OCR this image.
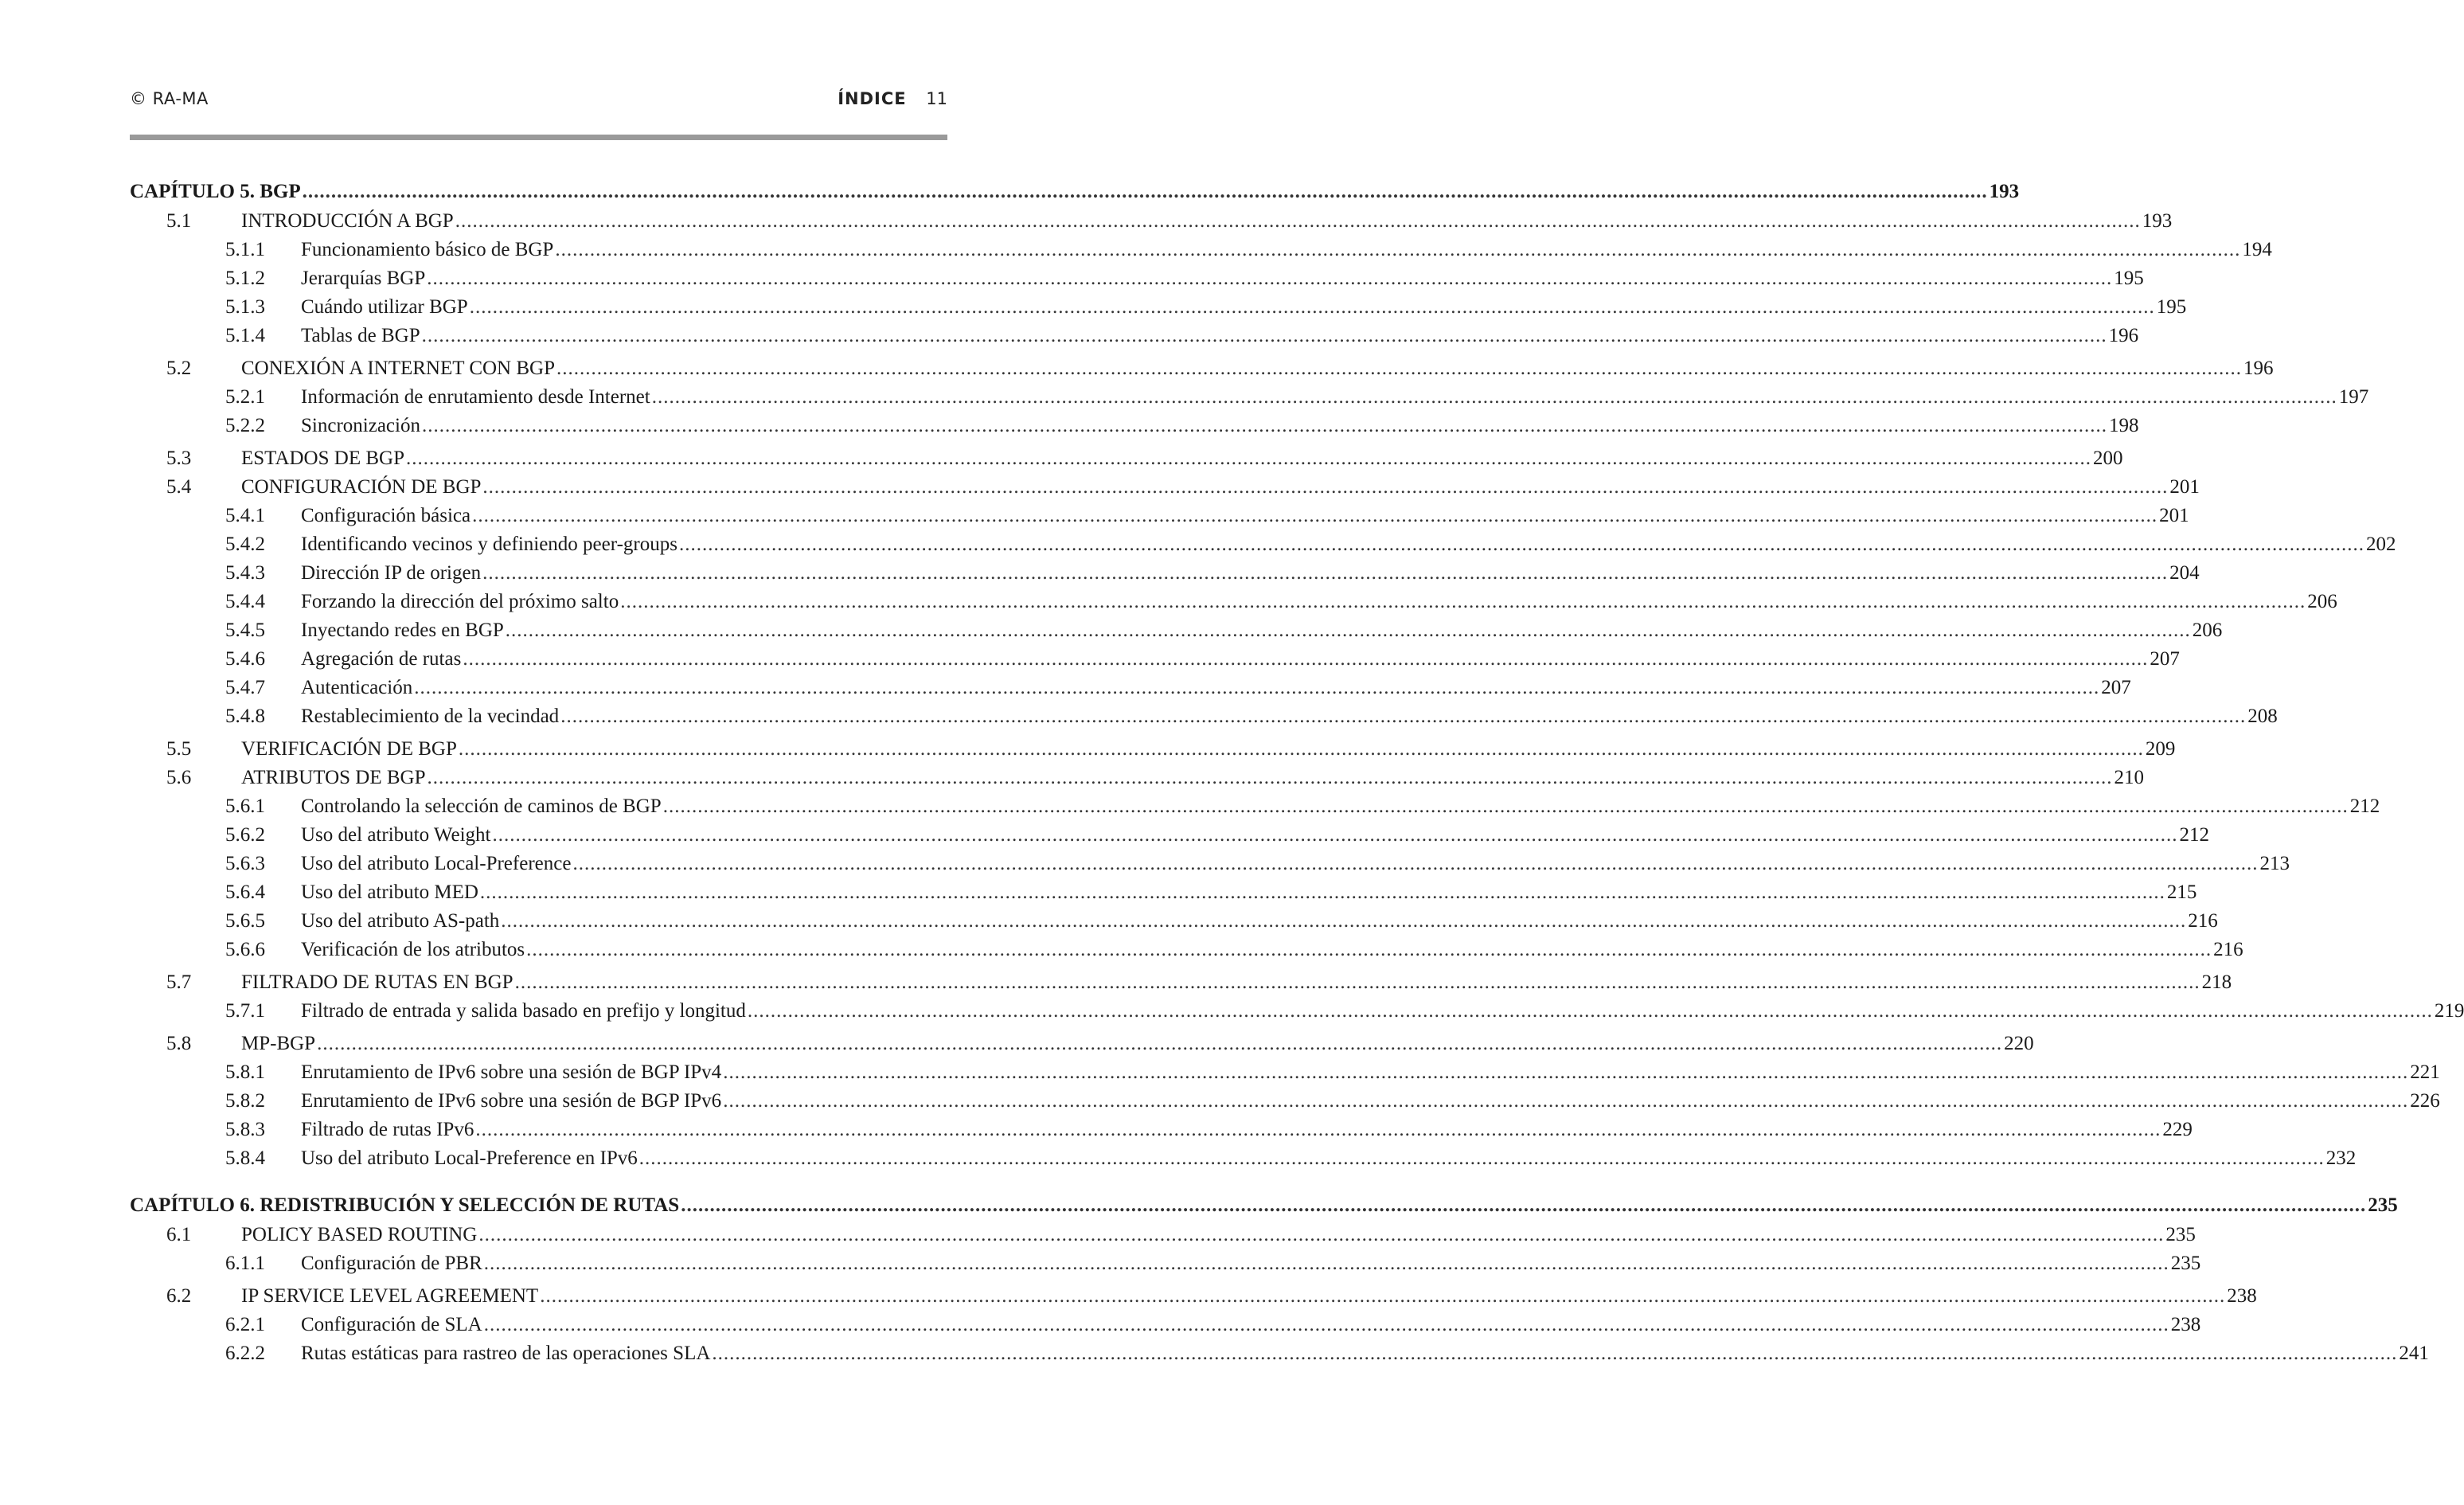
© RA-MA	ÍNDICE 11
CAPÍTULO 5. BGP .....	193
5.1	INTRODUCCIÓN A BGP .....	193
5.1.1	Funcionamiento básico de BGP .....	194
5.1.2	Jerarquías BGP .....	195
5.1.3	Cuándo utilizar BGP .....	195
5.1.4	Tablas de BGP .....	196
5.2	CONEXIÓN A INTERNET CON BGP .....	196
5.2.1	Información de enrutamiento desde Internet .....	197
5.2.2	Sincronización .....	198
5.3	ESTADOS DE BGP .....	200
5.4	CONFIGURACIÓN DE BGP .....	201
5.4.1	Configuración básica .....	201
5.4.2	Identificando vecinos y definiendo peer-groups .....	202
5.4.3	Dirección IP de origen .....	204
5.4.4	Forzando la dirección del próximo salto .....	206
5.4.5	Inyectando redes en BGP .....	206
5.4.6	Agregación de rutas .....	207
5.4.7	Autenticación .....	207
5.4.8	Restablecimiento de la vecindad .....	208
5.5	VERIFICACIÓN DE BGP .....	209
5.6	ATRIBUTOS DE BGP .....	210
5.6.1	Controlando la selección de caminos de BGP .....	212
5.6.2	Uso del atributo Weight .....	212
5.6.3	Uso del atributo Local-Preference .....	213
5.6.4	Uso del atributo MED .....	215
5.6.5	Uso del atributo AS-path .....	216
5.6.6	Verificación de los atributos .....	216
5.7	FILTRADO DE RUTAS EN BGP .....	218
5.7.1	Filtrado de entrada y salida basado en prefijo y longitud .....	219
5.8	MP-BGP .....	220
5.8.1	Enrutamiento de IPv6 sobre una sesión de BGP IPv4 .....	221
5.8.2	Enrutamiento de IPv6 sobre una sesión de BGP IPv6 .....	226
5.8.3	Filtrado de rutas IPv6 .....	229
5.8.4	Uso del atributo Local-Preference en IPv6 .....	232
CAPÍTULO 6. REDISTRIBUCIÓN Y SELECCIÓN DE RUTAS .....	235
6.1	POLICY BASED ROUTING .....	235
6.1.1	Configuración de PBR .....	235
6.2	IP SERVICE LEVEL AGREEMENT .....	238
6.2.1	Configuración de SLA .....	238
6.2.2	Rutas estáticas para rastreo de las operaciones SLA .....	241
